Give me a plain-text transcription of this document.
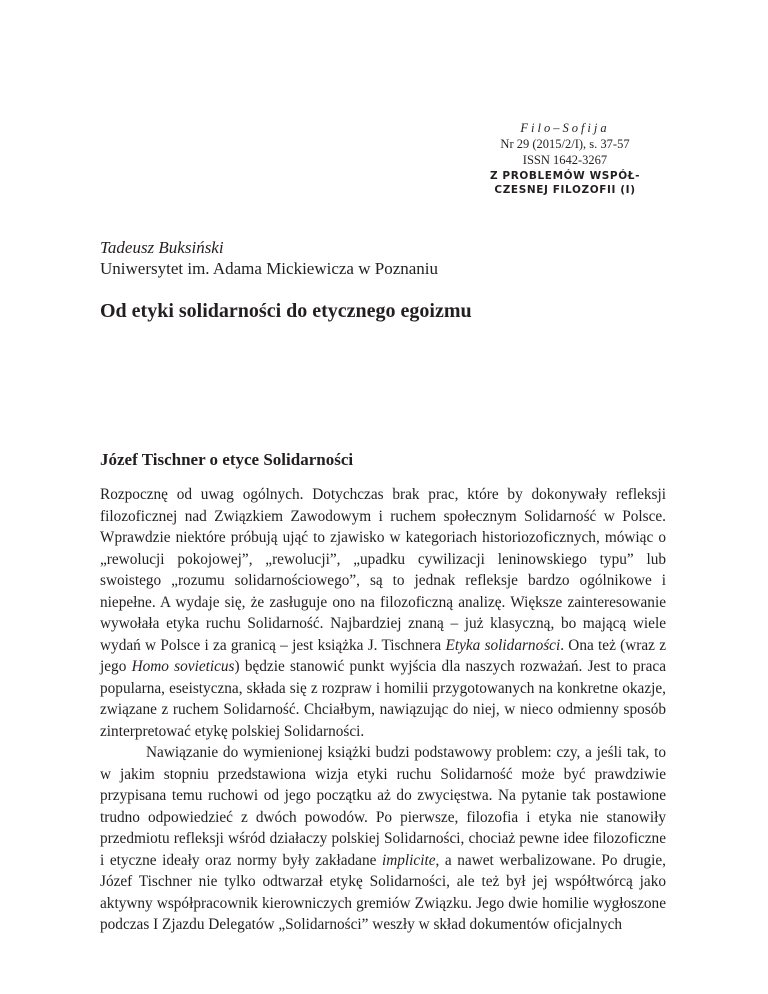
Filo–Sofija
Nr 29 (2015/2/I), s. 37-57
ISSN 1642-3267
Z PROBLEMÓW WSPÓŁ-
CZESNEJ FILOZOFII (I)
Tadeusz Buksiński
Uniwersytet im. Adama Mickiewicza w Poznaniu
Od etyki solidarności do etycznego egoizmu
Józef Tischner o etyce Solidarności

Rozpocznę od uwag ogólnych. Dotychczas brak prac, które by dokonywały refleksji filozoficznej nad Związkiem Zawodowym i ruchem społecznym Solidarność w Polsce. Wprawdzie niektóre próbują ująć to zjawisko w kategoriach historiozoficznych, mówiąc o „rewolucji pokojowej”, „rewolucji”, „upadku cywilizacji leninowskiego typu” lub swoistego „rozumu solidarnościowego”, są to jednak refleksje bardzo ogólnikowe i niepełne. A wydaje się, że zasługuje ono na filozoficzną analizę. Większe zainteresowanie wywołała etyka ruchu Solidarność. Najbardziej znaną – już klasyczną, bo mającą wiele wydań w Polsce i za granicą – jest książka J. Tischnera Etyka solidarności. Ona też (wraz z jego Homo sovieticus) będzie stanowić punkt wyjścia dla naszych rozważań. Jest to praca popularna, eseistyczna, składa się z rozpraw i homilii przygotowanych na konkretne okazje, związane z ruchem Solidarność. Chciałbym, nawiązując do niej, w nieco odmienny sposób zinterpretować etykę polskiej Solidarności.

Nawiązanie do wymienionej książki budzi podstawowy problem: czy, a jeśli tak, to w jakim stopniu przedstawiona wizja etyki ruchu Solidarność może być prawdziwie przypisana temu ruchowi od jego początku aż do zwycięstwa. Na pytanie tak postawione trudno odpowiedzieć z dwóch powodów. Po pierwsze, filozofia i etyka nie stanowiły przedmiotu refleksji wśród działaczy polskiej Solidarności, chociaż pewne idee filozoficzne i etyczne ideały oraz normy były zakładane implicite, a nawet werbalizowane. Po drugie, Józef Tischner nie tylko odtwarzał etykę Solidarności, ale też był jej współtwórcą jako aktywny współpracownik kierowniczych gremiów Związku. Jego dwie homilie wygłoszone podczas I Zjazdu Delegatów „Solidarności” weszły w skład dokumentów oficjalnych
